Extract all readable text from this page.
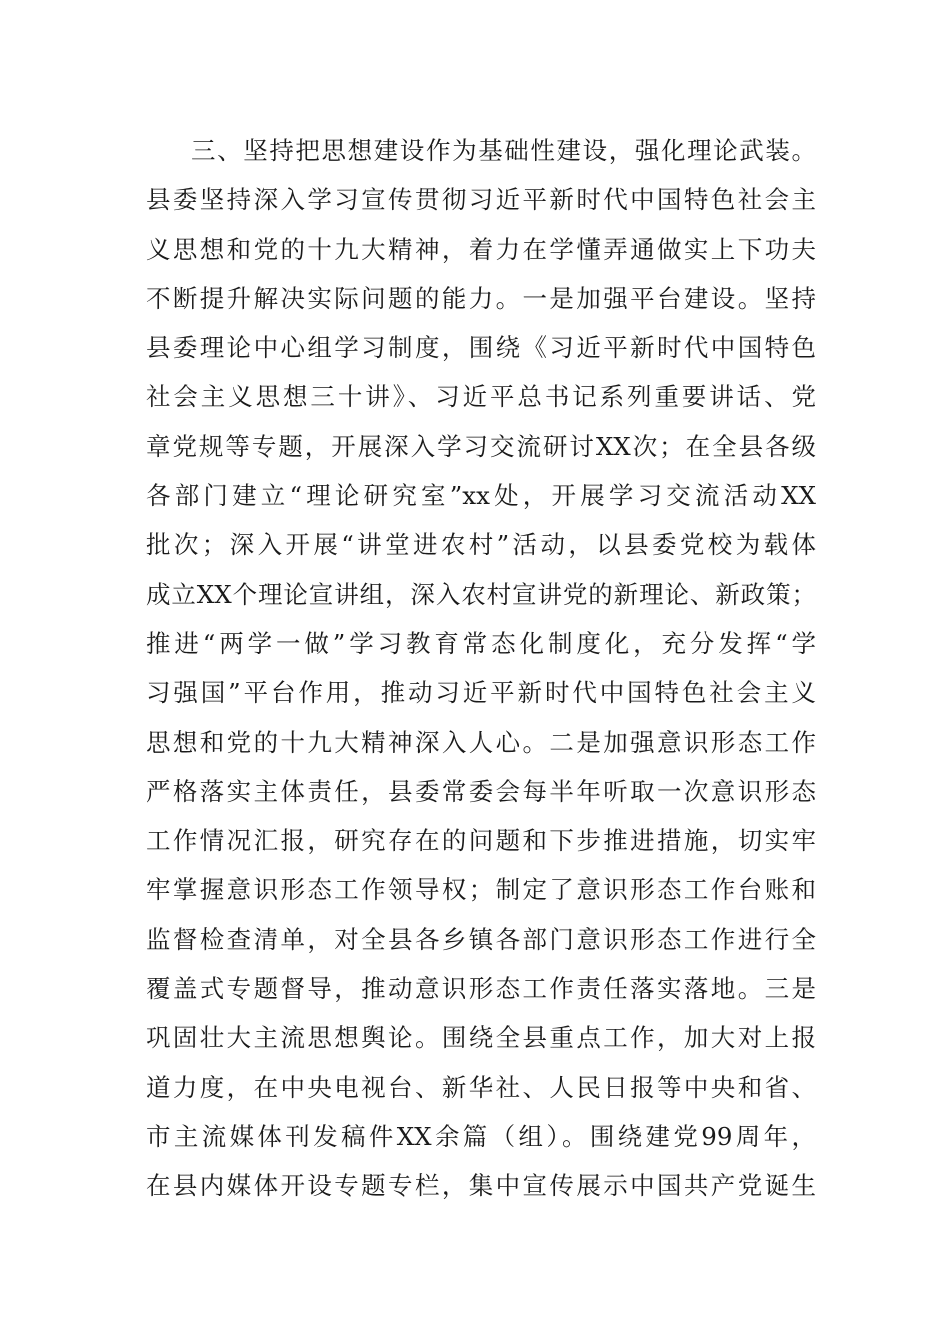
三、坚持把思想建设作为基础性建设，强化理论武装。
县委坚持深入学习宣传贯彻习近平新时代中国特色社会主
义思想和党的十九大精神，着力在学懂弄通做实上下功夫
不断提升解决实际问题的能力。一是加强平台建设。坚持
县委理论中心组学习制度，围绕《习近平新时代中国特色
社会主义思想三十讲》、习近平总书记系列重要讲话、党
章党规等专题，开展深入学习交流研讨XX次；在全县各级
各部门建立“理论研究室”xx处，开展学习交流活动XX
批次；深入开展“讲堂进农村”活动，以县委党校为载体
成立XX个理论宣讲组，深入农村宣讲党的新理论、新政策；
推进“两学一做”学习教育常态化制度化，充分发挥“学
习强国”平台作用，推动习近平新时代中国特色社会主义
思想和党的十九大精神深入人心。二是加强意识形态工作
严格落实主体责任，县委常委会每半年听取一次意识形态
工作情况汇报，研究存在的问题和下步推进措施，切实牢
牢掌握意识形态工作领导权；制定了意识形态工作台账和
监督检查清单，对全县各乡镇各部门意识形态工作进行全
覆盖式专题督导，推动意识形态工作责任落实落地。三是
巩固壮大主流思想舆论。围绕全县重点工作，加大对上报
道力度，在中央电视台、新华社、人民日报等中央和省、
市主流媒体刊发稿件XX余篇（组）。围绕建党99周年，
在县内媒体开设专题专栏，集中宣传展示中国共产党诞生
